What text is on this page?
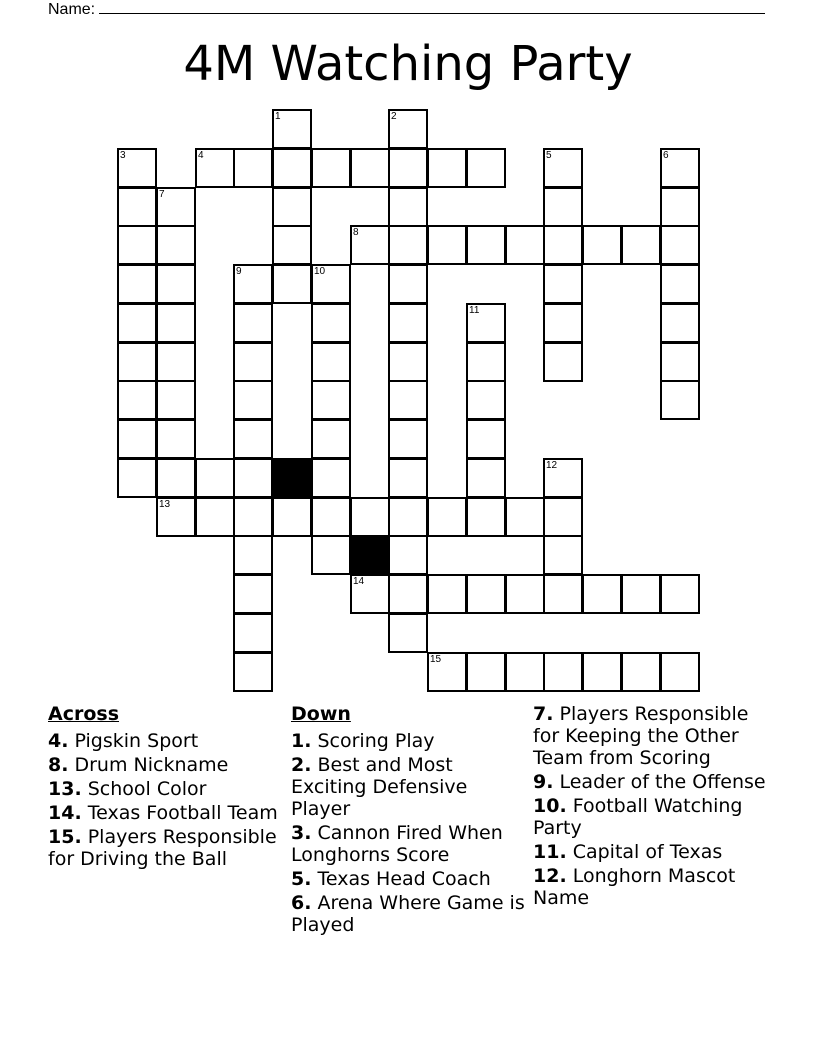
Name:
4M Watching Party
1	2
3	4	5	6
7
8
9	10
11
12
13
14
15
Across
4. Pigskin Sport
8. Drum Nickname
13. School Color
14. Texas Football Team
15. Players Responsible for Driving the Ball
Down
1. Scoring Play
2. Best and Most Exciting Defensive Player
3. Cannon Fired When Longhorns Score
5. Texas Head Coach
6. Arena Where Game is Played
7. Players Responsible for Keeping the Other Team from Scoring
9. Leader of the Offense
10. Football Watching Party
11. Capital of Texas
12. Longhorn Mascot Name
